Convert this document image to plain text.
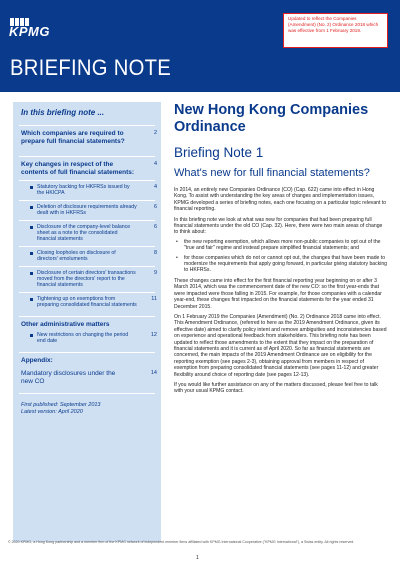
KPMG
BRIEFING NOTE
Updated to reflect the Companies (Amendment) (No. 2) Ordinance 2018 which was effective from 1 February 2019.
In this briefing note ...
Which companies are required to prepare full financial statements?
2
Key changes in respect of the contents of full financial statements:
4
Statutory backing for HKFRSs issued by the HKICPA
4
Deletion of disclosure requirements already dealt with in HKFRSs
6
Disclosure of the company-level balance sheet as a note to the consolidated financial statements
6
Closing loopholes on disclosure of directors' emoluments
8
Disclosure of certain directors' transactions moved from the directors' report to the financial statements
9
Tightening up on exemptions from preparing consolidated financial statements
11
Other administrative matters
New restrictions on changing the period end date
12
Appendix:
Mandatory disclosures under the new CO
14
First published: September 2013
Latest version: April 2020
New Hong Kong Companies Ordinance
Briefing Note 1
What's new for full financial statements?
In 2014, an entirely new Companies Ordinance (CO) (Cap. 622) came into effect in Hong Kong. To assist with understanding the key areas of changes and implementation issues, KPMG developed a series of briefing notes, each one focusing on a particular topic relevant to financial reporting.
In this briefing note we look at what was new for companies that had been preparing full financial statements under the old CO (Cap. 32). Here, there were two main areas of change to think about:
• the new reporting exemption, which allows more non-public companies to opt out of the "true and fair" regime and instead prepare simplified financial statements; and
• for those companies which do not or cannot opt out, the changes that have been made to modernize the requirements that apply going forward, in particular giving statutory backing to HKFRSs.
These changes came into effect for the first financial reporting year beginning on or after 3 March 2014, which was the commencement date of the new CO: so the first year-ends that were impacted were those falling in 2015. For example, for those companies with a calendar year-end, these changes first impacted on the financial statements for the year ended 31 December 2015.
On 1 February 2019 the Companies (Amendment) (No. 2) Ordinance 2018 came into effect. This Amendment Ordinance, (referred to here as the 2019 Amendment Ordinance, given its effective date) aimed to clarify policy intent and remove ambiguities and inconsistencies based on experience and operational feedback from stakeholders. This briefing note has been updated to reflect those amendments to the extent that they impact on the preparation of financial statements and it is current as of April 2020. So far as financial statements are concerned, the main impacts of the 2019 Amendment Ordinance are on eligibility for the reporting exemption (see pages 2-3), obtaining approval from members in respect of exemption from preparing consolidated financial statements (see pages 11-12) and greater flexibility around choice of reporting date (see pages 12-13).
If you would like further assistance on any of the matters discussed, please feel free to talk with your usual KPMG contact.
© 2020 KPMG, a Hong Kong partnership and a member firm of the KPMG network of independent member firms affiliated with KPMG International Cooperative ("KPMG International"), a Swiss entity. All rights reserved.
1
